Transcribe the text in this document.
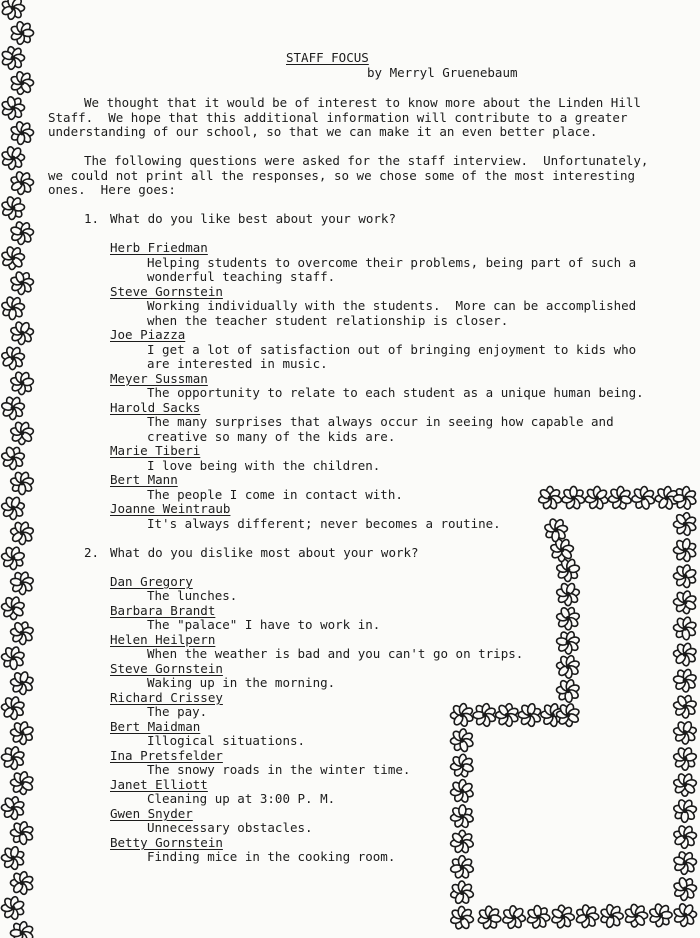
STAFF FOCUS
by Merryl Gruenebaum
We thought that it would be of interest to know more about the Linden Hill
Staff.  We hope that this additional information will contribute to a greater
understanding of our school, so that we can make it an even better place.
The following questions were asked for the staff interview.  Unfortunately,
we could not print all the responses, so we chose some of the most interesting
ones.  Here goes:
1. What do you like best about your work?
Herb Friedman
Helping students to overcome their problems, being part of such a
wonderful teaching staff.
Steve Gornstein
Working individually with the students.  More can be accomplished
when the teacher student relationship is closer.
Joe Piazza
I get a lot of satisfaction out of bringing enjoyment to kids who
are interested in music.
Meyer Sussman
The opportunity to relate to each student as a unique human being.
Harold Sacks
The many surprises that always occur in seeing how capable and
creative so many of the kids are.
Marie Tiberi
I love being with the children.
Bert Mann
The people I come in contact with.
Joanne Weintraub
It's always different; never becomes a routine.
2. What do you dislike most about your work?
Dan Gregory
The lunches.
Barbara Brandt
The "palace" I have to work in.
Helen Heilpern
When the weather is bad and you can't go on trips.
Steve Gornstein
Waking up in the morning.
Richard Crissey
The pay.
Bert Maidman
Illogical situations.
Ina Pretsfelder
The snowy roads in the winter time.
Janet Elliott
Cleaning up at 3:00 P. M.
Gwen Snyder
Unnecessary obstacles.
Betty Gornstein
Finding mice in the cooking room.
